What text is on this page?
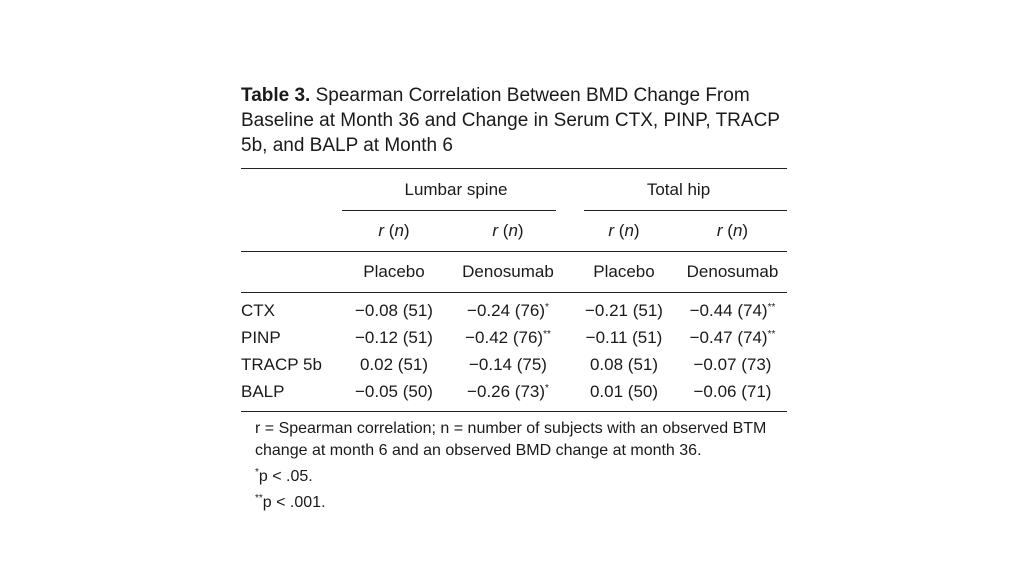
Table 3. Spearman Correlation Between BMD Change From Baseline at Month 36 and Change in Serum CTX, PINP, TRACP 5b, and BALP at Month 6

	Lumbar spine		Total hip	
	r (n)	r (n)	r (n)	r (n)

	Placebo	Denosumab	Placebo	Denosumab

CTX	−0.08 (51)	−0.24 (76)*	−0.21 (51)	−0.44 (74)**
PINP	−0.12 (51)	−0.42 (76)**	−0.11 (51)	−0.47 (74)**
TRACP 5b	0.02 (51)	−0.14 (75)	0.08 (51)	−0.07 (73)
BALP	−0.05 (50)	−0.26 (73)*	0.01 (50)	−0.06 (71)

r = Spearman correlation; n = number of subjects with an observed BTM change at month 6 and an observed BMD change at month 36.

*p < .05.

**p < .001.
